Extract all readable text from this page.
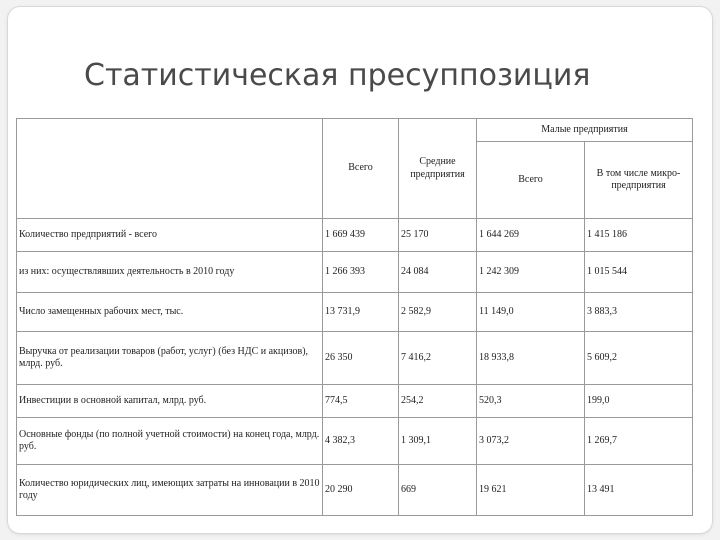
Статистическая пресуппозиция
	Всего	Средние предприятия	Малые предприятия	
			Всего	В том числе микро-предприятия
Количество предприятий - всего	1 669 439	25 170	1 644 269	1 415 186
из них: осуществлявших деятельность в 2010 году	1 266 393	24 084	1 242 309	1 015 544
Число замещенных рабочих мест, тыс.	13 731,9	2 582,9	11 149,0	3 883,3
Выручка от реализации товаров (работ, услуг) (без НДС и акцизов), млрд. руб.	26 350	7 416,2	18 933,8	5 609,2
Инвестиции в основной капитал, млрд. руб.	774,5	254,2	520,3	199,0
Основные фонды (по полной учетной стоимости) на конец года, млрд. руб.	4 382,3	1 309,1	3 073,2	1 269,7
Количество юридических лиц, имеющих затраты на инновации в 2010 году	20 290	669	19 621	13 491
